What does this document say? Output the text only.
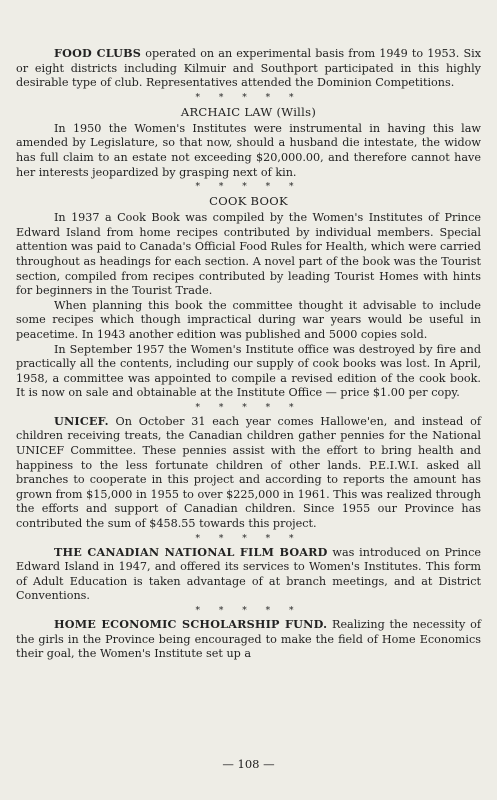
FOOD CLUBS operated on an experimental basis from 1949 to 1953. Six or eight districts including Kilmuir and Southport participated in this highly desirable type of club. Representatives attended the Dominion Competitions.

* * * * *
ARCHAIC LAW (Wills)

In 1950 the Women's Institutes were instrumental in having this law amended by Legislature, so that now, should a husband die intestate, the widow has full claim to an estate not exceeding $20,000.00, and therefore cannot have her interests jeopardized by grasping next of kin.

* * * * *
COOK BOOK

In 1937 a Cook Book was compiled by the Women's Institutes of Prince Edward Island from home recipes contributed by individual members. Special attention was paid to Canada's Official Food Rules for Health, which were carried throughout as headings for each section. A novel part of the book was the Tourist section, compiled from recipes contributed by leading Tourist Homes with hints for beginners in the Tourist Trade.

When planning this book the committee thought it advisable to include some recipes which though impractical during war years would be useful in peacetime. In 1943 another edition was published and 5000 copies sold.

In September 1957 the Women's Institute office was destroyed by fire and practically all the contents, including our supply of cook books was lost. In April, 1958, a committee was appointed to compile a revised edition of the cook book. It is now on sale and obtainable at the Institute Office — price $1.00 per copy.

* * * * *

UNICEF. On October 31 each year comes Hallowe'en, and instead of children receiving treats, the Canadian children gather pennies for the National UNICEF Committee. These pennies assist with the effort to bring health and happiness to the less fortunate children of other lands. P.E.I.W.I. asked all branches to cooperate in this project and according to reports the amount has grown from $15,000 in 1955 to over $225,000 in 1961. This was realized through the efforts and support of Canadian children. Since 1955 our Province has contributed the sum of $458.55 towards this project.

* * * * *

THE CANADIAN NATIONAL FILM BOARD was introduced on Prince Edward Island in 1947, and offered its services to Women's Institutes. This form of Adult Education is taken advantage of at branch meetings, and at District Conventions.

* * * * *

HOME ECONOMIC SCHOLARSHIP FUND. Realizing the necessity of the girls in the Province being encouraged to make the field of Home Economics their goal, the Women's Institute set up a

— 108 —
